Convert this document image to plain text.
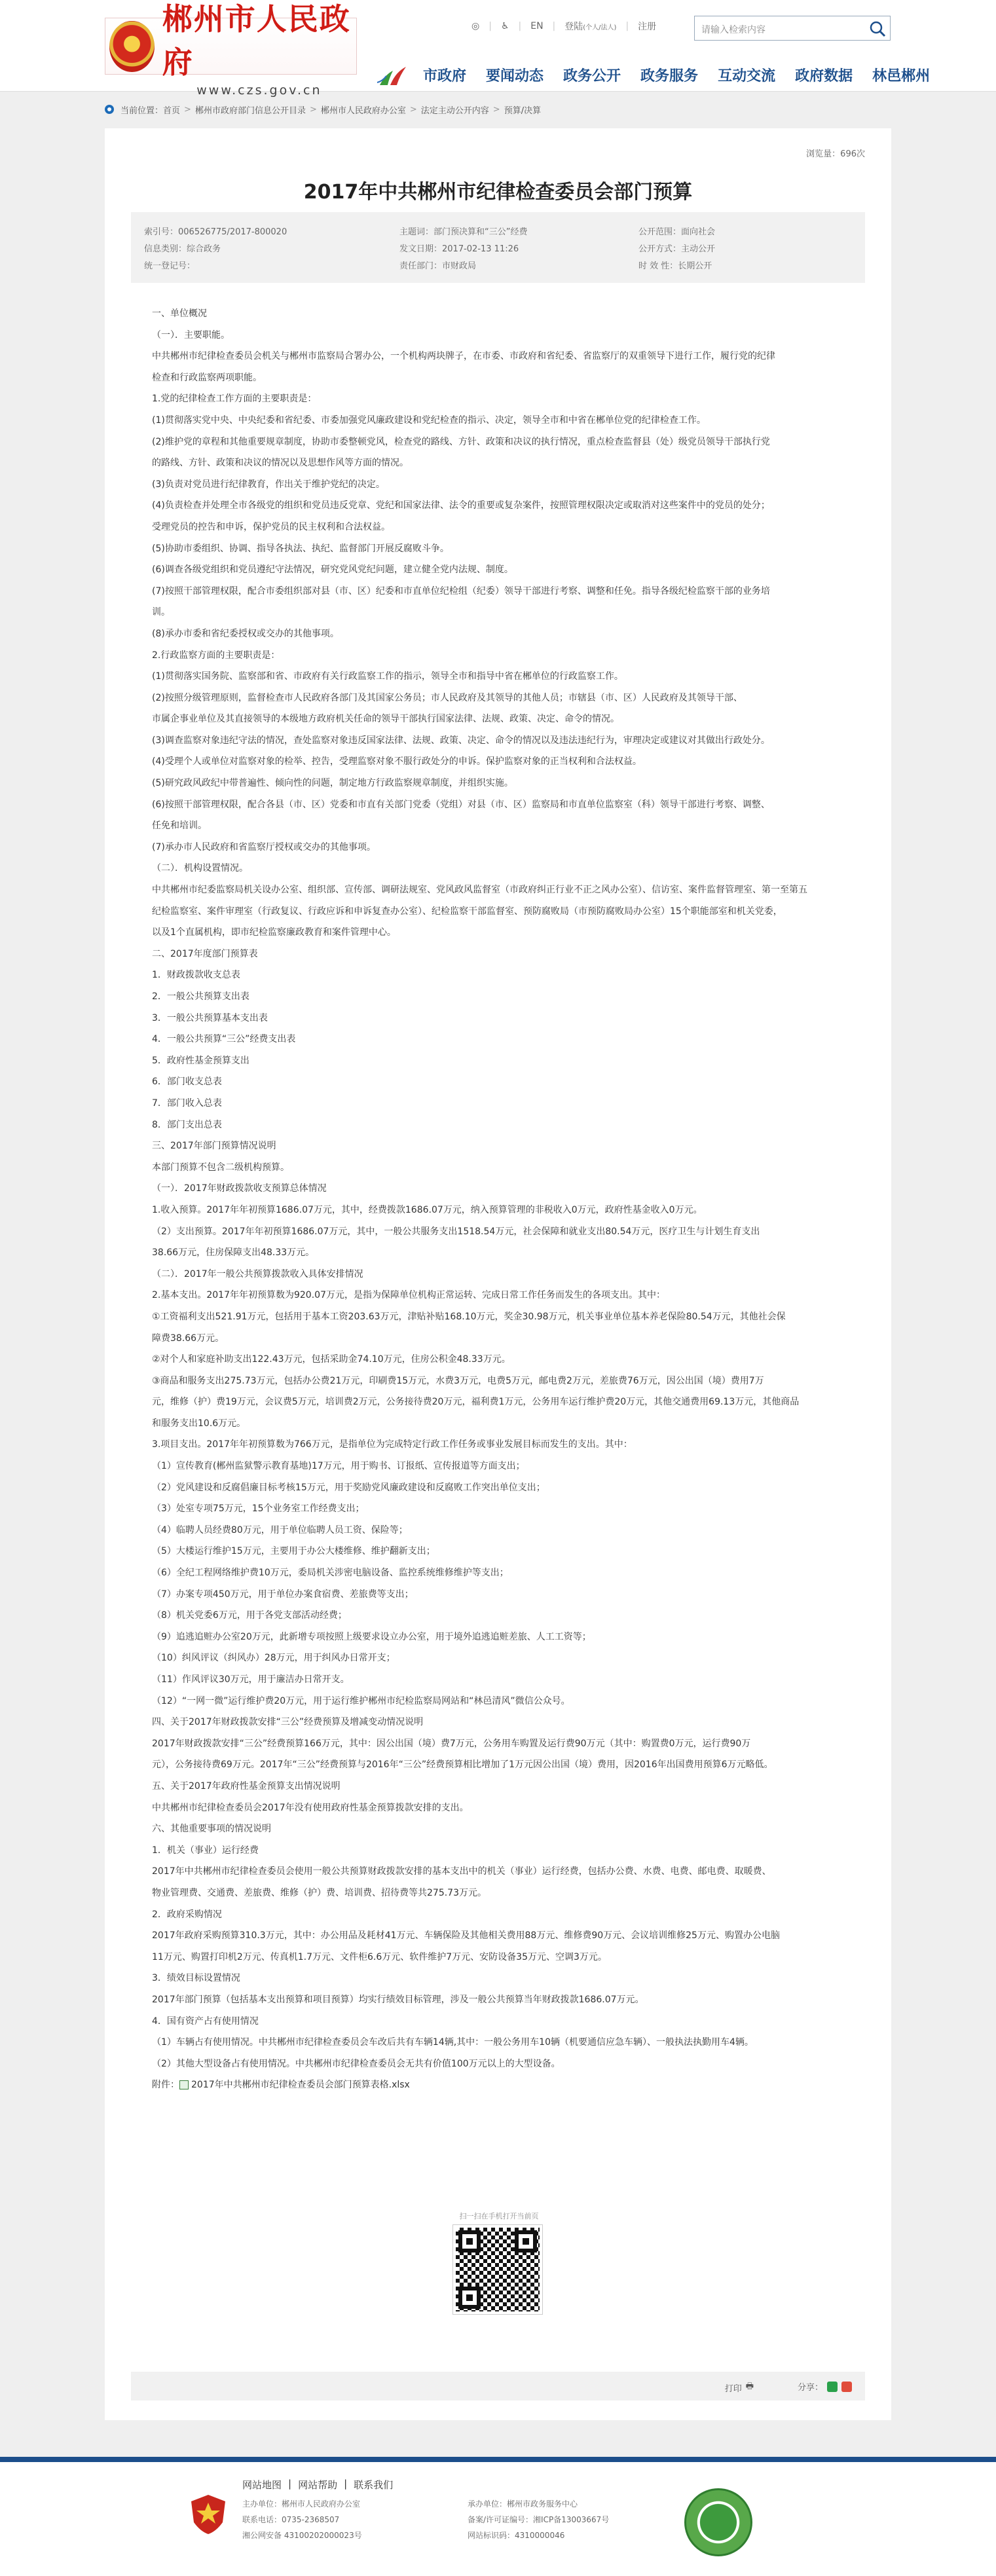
郴州市人民政府
www.czs.gov.cn
◎ | ♿ | EN | 登陆(个人/法人) | 注册	请输入检索内容
市政府 要闻动态 政务公开 政务服务 互动交流 政府数据 林邑郴州
当前位置： 首页 > 郴州市政府部门信息公开目录 > 郴州市人民政府办公室 > 法定主动公开内容 > 预算/决算
浏览量：696次
2017年中共郴州市纪律检查委员会部门预算
索引号：006526775/2017-800020	主题词：部门预决算和“三公”经费	公开范围：面向社会
信息类别：综合政务	发文日期：2017-02-13 11:26	公开方式：主动公开
统一登记号：	责任部门：市财政局	时 效 性：长期公开

一、单位概况

（一）．主要职能。

中共郴州市纪律检查委员会机关与郴州市监察局合署办公，一个机构两块牌子，在市委、市政府和省纪委、省监察厅的双重领导下进行工作，履行党的纪律

检查和行政监察两项职能。

1.党的纪律检查工作方面的主要职责是：

(1)贯彻落实党中央、中央纪委和省纪委、市委加强党风廉政建设和党纪检查的指示、决定，领导全市和中省在郴单位党的纪律检查工作。

(2)维护党的章程和其他重要规章制度，协助市委整顿党风，检查党的路线、方针、政策和决议的执行情况，重点检查监督县（处）级党员领导干部执行党

的路线、方针、政策和决议的情况以及思想作风等方面的情况。

(3)负责对党员进行纪律教育，作出关于维护党纪的决定。

(4)负责检查并处理全市各级党的组织和党员违反党章、党纪和国家法律、法令的重要或复杂案件，按照管理权限决定或取消对这些案件中的党员的处分；

受理党员的控告和申诉，保护党员的民主权利和合法权益。

(5)协助市委组织、协调、指导各执法、执纪、监督部门开展反腐败斗争。

(6)调查各级党组织和党员遵纪守法情况，研究党风党纪问题，建立健全党内法规、制度。

(7)按照干部管理权限，配合市委组织部对县（市、区）纪委和市直单位纪检组（纪委）领导干部进行考察、调整和任免。指导各级纪检监察干部的业务培

训。

(8)承办市委和省纪委授权或交办的其他事项。

2.行政监察方面的主要职责是：

(1)贯彻落实国务院、监察部和省、市政府有关行政监察工作的指示，领导全市和指导中省在郴单位的行政监察工作。

(2)按照分级管理原则，监督检查市人民政府各部门及其国家公务员；市人民政府及其领导的其他人员；市辖县（市、区）人民政府及其领导干部、

市属企事业单位及其直接领导的本级地方政府机关任命的领导干部执行国家法律、法规、政策、决定、命令的情况。

(3)调查监察对象违纪守法的情况，查处监察对象违反国家法律、法规、政策、决定、命令的情况以及违法违纪行为，审理决定或建议对其做出行政处分。

(4)受理个人或单位对监察对象的检举、控告，受理监察对象不服行政处分的申诉。保护监察对象的正当权利和合法权益。

(5)研究政风政纪中带普遍性、倾向性的问题，制定地方行政监察规章制度，并组织实施。

(6)按照干部管理权限，配合各县（市、区）党委和市直有关部门党委（党组）对县（市、区）监察局和市直单位监察室（科）领导干部进行考察、调整、

任免和培训。

(7)承办市人民政府和省监察厅授权或交办的其他事项。

（二）．机构设置情况。

中共郴州市纪委监察局机关设办公室、组织部、宣传部、调研法规室、党风政风监督室（市政府纠正行业不正之风办公室）、信访室、案件监督管理室、第一至第五

纪检监察室、案件审理室（行政复议、行政应诉和申诉复查办公室）、纪检监察干部监督室、预防腐败局（市预防腐败局办公室）15个职能部室和机关党委，

以及1个直属机构，即市纪检监察廉政教育和案件管理中心。

二、2017年度部门预算表

1．财政拨款收支总表

2．一般公共预算支出表

3．一般公共预算基本支出表

4．一般公共预算“三公”经费支出表

5．政府性基金预算支出

6．部门收支总表

7．部门收入总表

8．部门支出总表

三、2017年部门预算情况说明

本部门预算不包含二级机构预算。

（一）．2017年财政拨款收支预算总体情况

1.收入预算。2017年年初预算1686.07万元，其中，经费拨款1686.07万元，纳入预算管理的非税收入0万元，政府性基金收入0万元。

（2）支出预算。2017年年初预算1686.07万元，其中，一般公共服务支出1518.54万元，社会保障和就业支出80.54万元，医疗卫生与计划生育支出

38.66万元，住房保障支出48.33万元。

（二）．2017年一般公共预算拨款收入具体安排情况

2.基本支出。2017年年初预算数为920.07万元，是指为保障单位机构正常运转、完成日常工作任务而发生的各项支出。其中：

①工资福利支出521.91万元，包括用于基本工资203.63万元，津贴补贴168.10万元，奖金30.98万元，机关事业单位基本养老保险80.54万元，其他社会保

障费38.66万元。

②对个人和家庭补助支出122.43万元，包括采助金74.10万元，住房公积金48.33万元。

③商品和服务支出275.73万元，包括办公费21万元，印刷费15万元，水费3万元，电费5万元，邮电费2万元，差旅费76万元，因公出国（境）费用7万

元，维修（护）费19万元，会议费5万元，培训费2万元，公务接待费20万元，福利费1万元，公务用车运行维护费20万元，其他交通费用69.13万元，其他商品

和服务支出10.6万元。

3.项目支出。2017年年初预算数为766万元，是指单位为完成特定行政工作任务或事业发展目标而发生的支出。其中：

（1）宣传教育(郴州监狱警示教育基地)17万元，用于购书、订报纸、宣传报道等方面支出；

（2）党风建设和反腐倡廉目标考核15万元，用于奖励党风廉政建设和反腐败工作突出单位支出；

（3）处室专项75万元，15个业务室工作经费支出；

（4）临聘人员经费80万元，用于单位临聘人员工资、保险等；

（5）大楼运行维护15万元，主要用于办公大楼维修、维护翻新支出；

（6）全纪工程网络维护费10万元，委局机关涉密电脑设备、监控系统维修维护等支出；

（7）办案专项450万元，用于单位办案食宿费、差旅费等支出；

（8）机关党委6万元，用于各党支部活动经费；

（9）追逃追赃办公室20万元，此新增专项按照上级要求设立办公室，用于境外追逃追赃差旅、人工工资等；

（10）纠风评议（纠风办）28万元，用于纠风办日常开支；

（11）作风评议30万元，用于廉洁办日常开支。

（12）“一网一微”运行维护费20万元，用于运行维护郴州市纪检监察局网站和“林邑清风”微信公众号。

四、关于2017年财政拨款安排“三公”经费预算及增减变动情况说明

2017年财政拨款安排“三公”经费预算166万元，其中：因公出国（境）费7万元，公务用车购置及运行费90万元（其中：购置费0万元，运行费90万

元），公务接待费69万元。2017年“三公”经费预算与2016年“三公”经费预算相比增加了1万元因公出国（境）费用，因2016年出国费用预算6万元略低。

五、关于2017年政府性基金预算支出情况说明

中共郴州市纪律检查委员会2017年没有使用政府性基金预算拨款安排的支出。

六、其他重要事项的情况说明

1．机关（事业）运行经费

2017年中共郴州市纪律检查委员会使用一般公共预算财政拨款安排的基本支出中的机关（事业）运行经费，包括办公费、水费、电费、邮电费、取暖费、

物业管理费、交通费、差旅费、维修（护）费、培训费、招待费等共275.73万元。

2．政府采购情况

2017年政府采购预算310.3万元，其中：办公用品及耗材41万元、车辆保险及其他相关费用88万元、维修费90万元、会议培训维修25万元、购置办公电脑

11万元、购置打印机2万元、传真机1.7万元、文件柜6.6万元、软件维护7万元、安防设备35万元、空调3万元。

3．绩效目标设置情况

2017年部门预算（包括基本支出预算和项目预算）均实行绩效目标管理，涉及一般公共预算当年财政拨款1686.07万元。

4．国有资产占有使用情况

（1）车辆占有使用情况。中共郴州市纪律检查委员会车改后共有车辆14辆,其中：一般公务用车10辆（机要通信应急车辆）、一般执法执勤用车4辆。

（2）其他大型设备占有使用情况。中共郴州市纪律检查委员会无共有价值100万元以上的大型设备。

附件： 2017年中共郴州市纪律检查委员会部门预算表格.xlsx

扫一扫在手机打开当前页
打印 🖶	分享：
网站地图 | 网站帮助 | 联系我们
主办单位：郴州市人民政府办公室
联系电话：0735-2368507
湘公网安备 43100202000023号
承办单位：郴州市政务服务中心
备案/许可证编号：湘ICP备13003667号
网站标识码：4310000046
